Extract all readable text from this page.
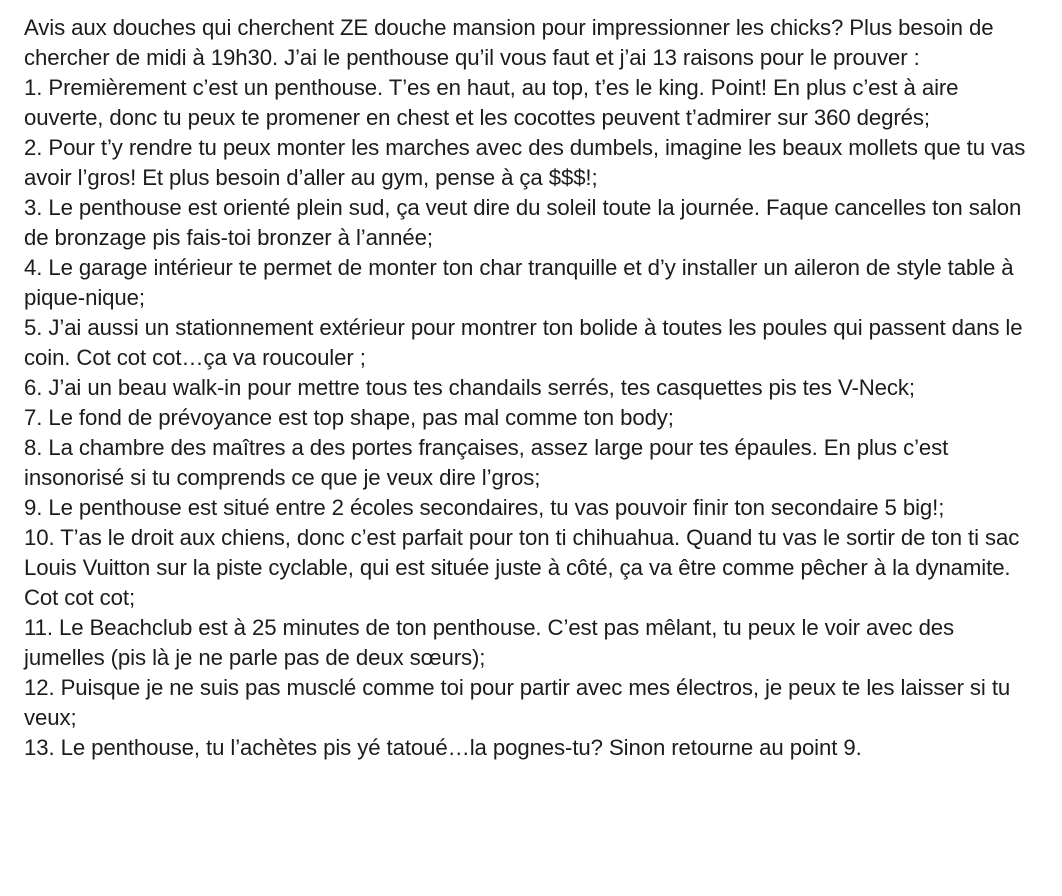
Avis aux douches qui cherchent ZE douche mansion pour impressionner les chicks? Plus besoin de chercher de midi à 19h30. J’ai le penthouse qu’il vous faut et j’ai 13 raisons pour le prouver :

1. Premièrement c’est un penthouse. T’es en haut, au top, t’es le king. Point! En plus c’est à aire ouverte, donc tu peux te promener en chest et les cocottes peuvent t’admirer sur 360 degrés;

2. Pour t’y rendre tu peux monter les marches avec des dumbels, imagine les beaux mollets que tu vas avoir l’gros! Et plus besoin d’aller au gym, pense à ça $$$!;

3. Le penthouse est orienté plein sud, ça veut dire du soleil toute la journée. Faque cancelles ton salon de bronzage pis fais-toi bronzer à l’année;

4. Le garage intérieur te permet de monter ton char tranquille et d’y installer un aileron de style table à pique-nique;

5. J’ai aussi un stationnement extérieur pour montrer ton bolide à toutes les poules qui passent dans le coin. Cot cot cot…ça va roucouler ;

6. J’ai un beau walk-in pour mettre tous tes chandails serrés, tes casquettes pis tes V-Neck;

7. Le fond de prévoyance est top shape, pas mal comme ton body;

8. La chambre des maîtres a des portes françaises, assez large pour tes épaules. En plus c’est insonorisé si tu comprends ce que je veux dire l’gros;

9. Le penthouse est situé entre 2 écoles secondaires, tu vas pouvoir finir ton secondaire 5 big!;

10. T’as le droit aux chiens, donc c’est parfait pour ton ti chihuahua. Quand tu vas le sortir de ton ti sac Louis Vuitton sur la piste cyclable, qui est située juste à côté, ça va être comme pêcher à la dynamite. Cot cot cot;

11. Le Beachclub est à 25 minutes de ton penthouse. C’est pas mêlant, tu peux le voir avec des jumelles (pis là je ne parle pas de deux sœurs);

12. Puisque je ne suis pas musclé comme toi pour partir avec mes électros, je peux te les laisser si tu veux;

13. Le penthouse, tu l’achètes pis yé tatoué…la pognes-tu? Sinon retourne au point 9.
